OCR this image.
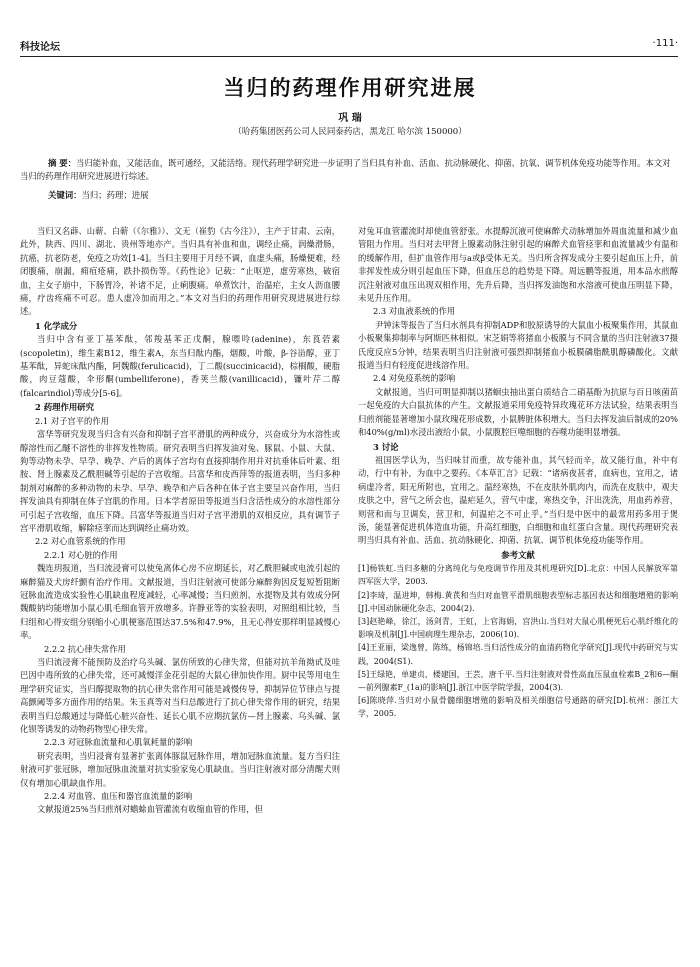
科技论坛	·111·
当归的药理作用研究进展
巩 瑞
（哈药集团医药公司人民同泰药店，黑龙江 哈尔滨 150000）
摘 要：当归能补血，又能活血，既可通经，又能活络。现代药理学研究进一步证明了当归具有补血、活血、抗动脉硬化、抑菌、抗氧、调节机体免疫功能等作用。本文对当归的药理作用研究进展进行综述。
关键词：当归；药理；进展

当归又名薜、山蕲、白蕲（《尔雅》）、文无（崔豹《古今注》），主产于甘肃、云南，此外，陕西、四川、湖北、贵州等地亦产。当归具有补血和血，调经止痛，润燥滑肠，抗癌，抗老防老，免疫之功效[1-4]。当归主要用于月经不调，血虚头痛，肠燥便难，经闭腹痛，崩漏，痈疽疮痛，跌扑损伤等。《药性论》记载：“止呕逆，虚劳寒热，破宿血，主女子崩中，下肠胃冷，补诸不足，止痢腹痛。单煮饮汁，治温疟，主女人沥血腰痛，疗齿疼痛不可忍。患人虚冷加而用之。”本文对当归的药理作用研究现进展进行综述。

1 化学成分

当归中含有亚丁基苯酞，邻羧基苯正戊酮，腺嘌呤(adenine)，东莨菪素(scopoletin)，维生素B12，维生素A，东当归酞内酯，烟酸，叶酸，β-谷甾醇，亚丁基苯酞，异蛇床酞内酯，阿魏酸(ferulicacid)，丁二酸(succinicacid)，棕榈酸，硬脂酸，肉豆蔻酸，伞形酮(umbelliferone)，香荚兰酸(vanillicacid)，镰叶芹二醇(falcarindiol)等成分[5-6]。

2 药理作用研究
2.1 对子宫平的作用

富华等研究发现当归含有兴奋和抑制子宫平滑肌的两种成分，兴奋成分为水溶性或醇溶性而乙醚不溶性的非挥发性物质。研究表明当归挥发油对兔、豚鼠、小鼠、大鼠、狗等动物未孕、早孕、晚孕、产后的离体子宫均有直接抑制作用并对抗垂体后叶素、组胺、肾上腺素及乙酰胆碱等引起的子宫收缩。吕富华和皮西萍等的报道表明，当归多种制剂对麻醉的多种动物的未孕、早孕、晚孕和产后各种在体子宫主要呈兴奋作用，当归挥发油具有抑制在体子宫肌的作用。日本学者原田等报道当归含活性成分的水溶性部分可引起子宫收缩，血压下降。吕富华等报道当归对子宫平滑肌的双相反应，具有调节子宫平滑肌收缩，解除痉挛而达到调经止痛功效。

2.2 对心血管系统的作用
2.2.1 对心脏的作用

魏连玥报道，当归流浸膏可以使兔离体心房不应期延长，对乙酰胆碱或电流引起的麻醉猫及犬房纤颤有治疗作用。文献报道，当归注射液可使部分麻醉狗因反复短暂阻断冠脉血流造成实验性心肌缺血程度减轻，心率减慢；当归煎剂、水提物及其有效成分阿魏酸钠均能增加小鼠心肌毛细血管开放增多。许静亚等的实验表明，对照组相比较，当归组和心得安组分别缩小心肌梗塞范围达37.5%和47.9%，且无心得安那样明显减慢心率。

2.2.2 抗心律失常作用

当归流浸膏不能预防及治疗乌头碱、氯仿所致的心律失常，但能对抗羊角拗甙及哇巴因中毒所致的心律失常，还可减慢洋金花引起的大鼠心律加快作用。厨中民等用电生理学研究证实，当归醇提取物的抗心律失常作用可能是减慢传导，抑制异位节律点与提高颤阈等多方面作用的结果。朱玉真等对当归总酸进行了抗心律失常作用的研究，结果表明当归总酸通过与降低心脏兴奋性、延长心肌不应期抗氯仿—肾上腺素、乌头碱、氯化钡等诱发的动物药物型心律失常。

2.2.3 对冠脉血流量和心肌氧耗量的影响

研究表明，当归浸膏有显著扩张离体豚鼠冠脉作用，增加冠脉血流量。复方当归注射液可扩张冠脉，增加冠脉血流量对抗实验家兔心肌缺血。当归注射液对部分清醒犬则仅有增加心肌缺血作用。

2.2.4 对血管、血压和器官血流量的影响

文献报道25%当归煎剂对蟾蜍血管灌流有收缩血管的作用，但

对兔耳血管灌流时却使血管舒张。水提醇沉液可使麻醉犬动脉增加外周血流量和减少血管阻力作用。当归对去甲肾上腺素动脉注射引起的麻醉犬血管痉挛和血流量减少有温和的缓解作用，但扩血管作用与a或β受体无关。当归所含挥发成分主要引起血压上升，前非挥发性成分则引起血压下降，但血压总的趋势是下降。周远鹏等报道，用本品水煎醇沉注射液对血压出现双相作用，先升后降，当归挥发油饱和水溶液可使血压明显下降，未见升压作用。

2.3 对血液系统的作用

尹钟沫等报告了当归水剂具有抑制ADP和胶原诱导的大鼠血小板聚集作用，其鼠血小板聚集抑制率与阿斯匹林相似。宋芝娟等将猪血小板膜与不同含量的当归注射液37摄氏度反应5分钟，结果表明当归注射液可强烈抑制猪血小板膜磷脂酰肌醇磷酸化。文献报道当归有轻度促进线溶作用。

2.4 对免疫系统的影响

文献报道，当归可明显抑制以猪蛔虫抽出蛋白质结合二硝基酚为抗原与百日咳菌苗一起免疫的大白鼠抗体的产生。文献报道采用免疫特异玫瑰花环方法试验，结果表明当归煎剂能显著增加小鼠玫瑰花形成数，小鼠脾脏体积增大。当归去挥发油后制成的20%和40%(g/ml)水浸出液给小鼠，小鼠腹腔巨噬细胞的吞噬功能明显增强。

3 讨论

祖国医学认为，当归味甘而重，故专能补血，其气轻而辛，故又能行血，补中有动，行中有补，为血中之要药。《本草汇言》记载：“诸病夜甚者，血病也，宜用之，诸病虚冷者，阳无所附也，宜用之。温经寒热，不在皮肤外肌肉内，而洗在皮肤中，观夫皮肤之中，营气之所会也，温疟延久，营气中虚，寒热交争，汗出洗洗，用血药养营，则营和而与卫调矣，营卫和，何温疟之不可止乎。”当归是中医中的最常用药多用于煲汤，能显著促进机体造血功能，升高红细胞，白细胞和血红蛋白含量。现代药理研究表明当归具有补血、活血、抗动脉硬化、抑菌、抗氧、调节机体免疫功能等作用。

参考文献
[1]杨铁虹.当归多糖的分离纯化与免疫调节作用及其机理研究[D].北京：中国人民解放军第四军医大学，2003.
[2]李琦，温进坤，韩梅.黄芪和当归对血管平滑肌细胞表型标志基因表达和细胞增殖的影响[J].中国动脉硬化杂志，2004(2).
[3]赵艳峰，徐江，汤剑青，王虹，上官海娟，宫洪山.当归对大鼠心肌梗死后心肌纤维化的影响及机制[J].中国病理生理杂志，2006(10).
[4]王亚丽，梁逸曾，陈练，杨锦培.当归活性成分的血清药物化学研究[J].现代中药研究与实践，2004(S1).
[5]王绿艳，单建贞，楼建国，王芸，唐千平.当归注射液对骨性高血压鼠血栓素B_2和6—酮—前列腺素F_(1a)的影响[J].浙江中医学院学报，2004(3).
[6]陈晓萍.当归对小鼠骨髓细胞增殖的影响及相关细胞信号通路的研究[D].杭州：浙江大学，2005.
